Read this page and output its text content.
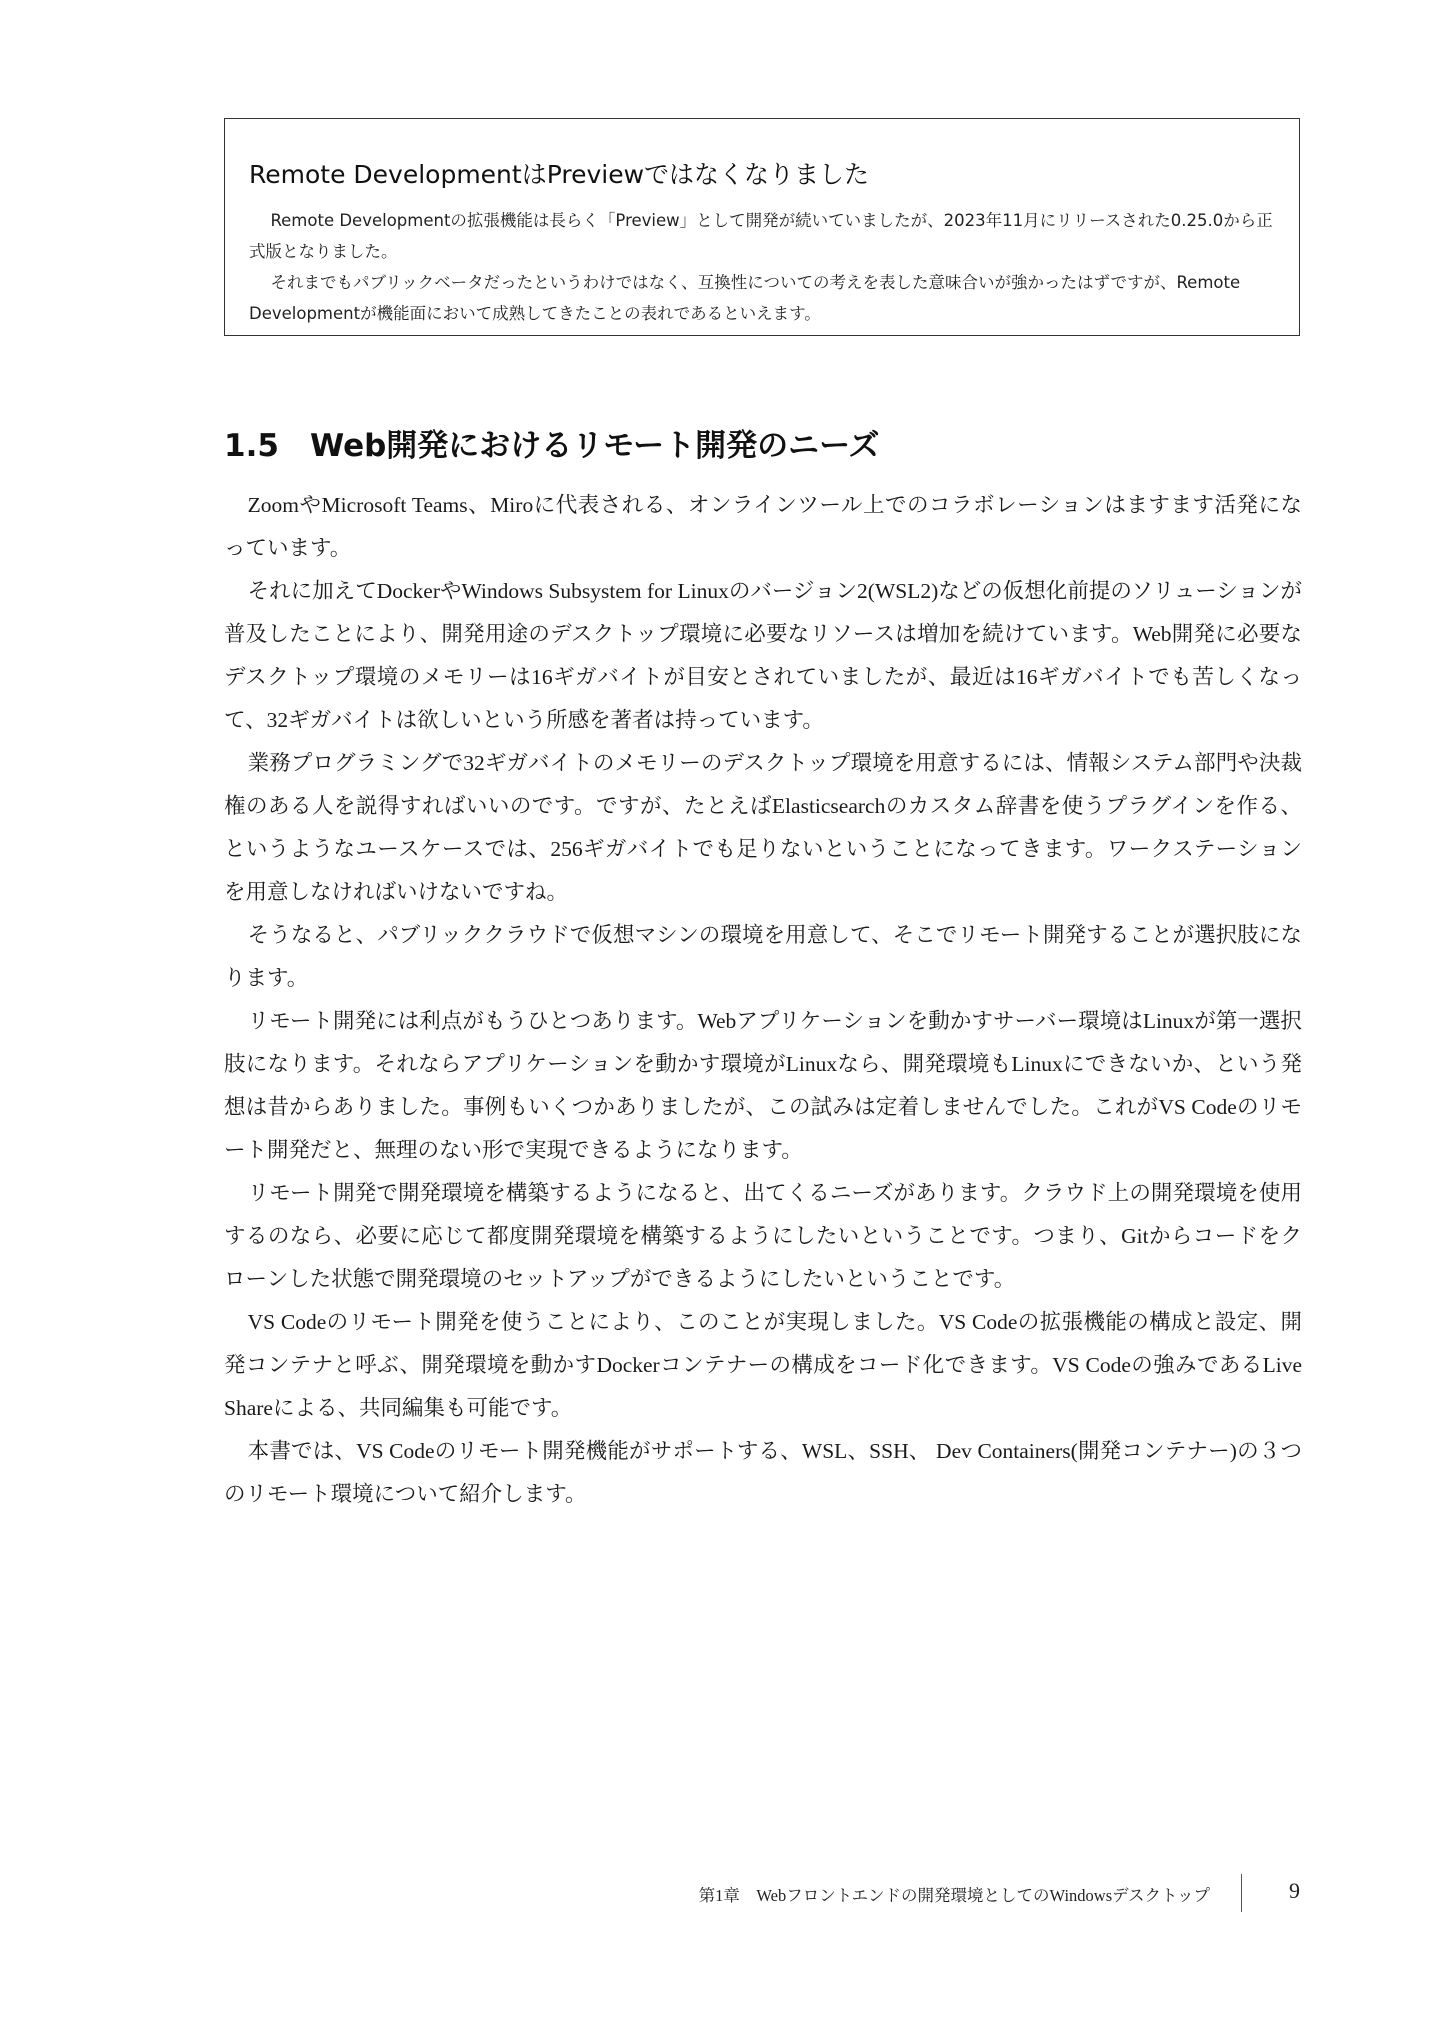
Remote DevelopmentはPreviewではなくなりました

Remote Developmentの拡張機能は長らく「Preview」として開発が続いていましたが、2023年11月にリリースされた0.25.0から正式版となりました。

それまでもパブリックベータだったというわけではなく、互換性についての考えを表した意味合いが強かったはずですが、Remote Developmentが機能面において成熟してきたことの表れであるといえます。

1.5 Web開発におけるリモート開発のニーズ

ZoomやMicrosoft Teams、Miroに代表される、オンラインツール上でのコラボレーションはますます活発になっています。

それに加えてDockerやWindows Subsystem for Linuxのバージョン2(WSL2)などの仮想化前提のソリューションが普及したことにより、開発用途のデスクトップ環境に必要なリソースは増加を続けています。Web開発に必要なデスクトップ環境のメモリーは16ギガバイトが目安とされていましたが、最近は16ギガバイトでも苦しくなって、32ギガバイトは欲しいという所感を著者は持っています。

業務プログラミングで32ギガバイトのメモリーのデスクトップ環境を用意するには、情報システム部門や決裁権のある人を説得すればいいのです。ですが、たとえばElasticsearchのカスタム辞書を使うプラグインを作る、というようなユースケースでは、256ギガバイトでも足りないということになってきます。ワークステーションを用意しなければいけないですね。

そうなると、パブリッククラウドで仮想マシンの環境を用意して、そこでリモート開発することが選択肢になります。

リモート開発には利点がもうひとつあります。Webアプリケーションを動かすサーバー環境はLinuxが第一選択肢になります。それならアプリケーションを動かす環境がLinuxなら、開発環境もLinuxにできないか、という発想は昔からありました。事例もいくつかありましたが、この試みは定着しませんでした。これがVS Codeのリモート開発だと、無理のない形で実現できるようになります。

リモート開発で開発環境を構築するようになると、出てくるニーズがあります。クラウド上の開発環境を使用するのなら、必要に応じて都度開発環境を構築するようにしたいということです。つまり、Gitからコードをクローンした状態で開発環境のセットアップができるようにしたいということです。

VS Codeのリモート開発を使うことにより、このことが実現しました。VS Codeの拡張機能の構成と設定、開発コンテナと呼ぶ、開発環境を動かすDockerコンテナーの構成をコード化できます。VS Codeの強みであるLive Shareによる、共同編集も可能です。

本書では、VS Codeのリモート開発機能がサポートする、WSL、SSH、 Dev Containers(開発コンテナー)の３つのリモート環境について紹介します。

第1章　Webフロントエンドの開発環境としてのWindowsデスクトップ	9
